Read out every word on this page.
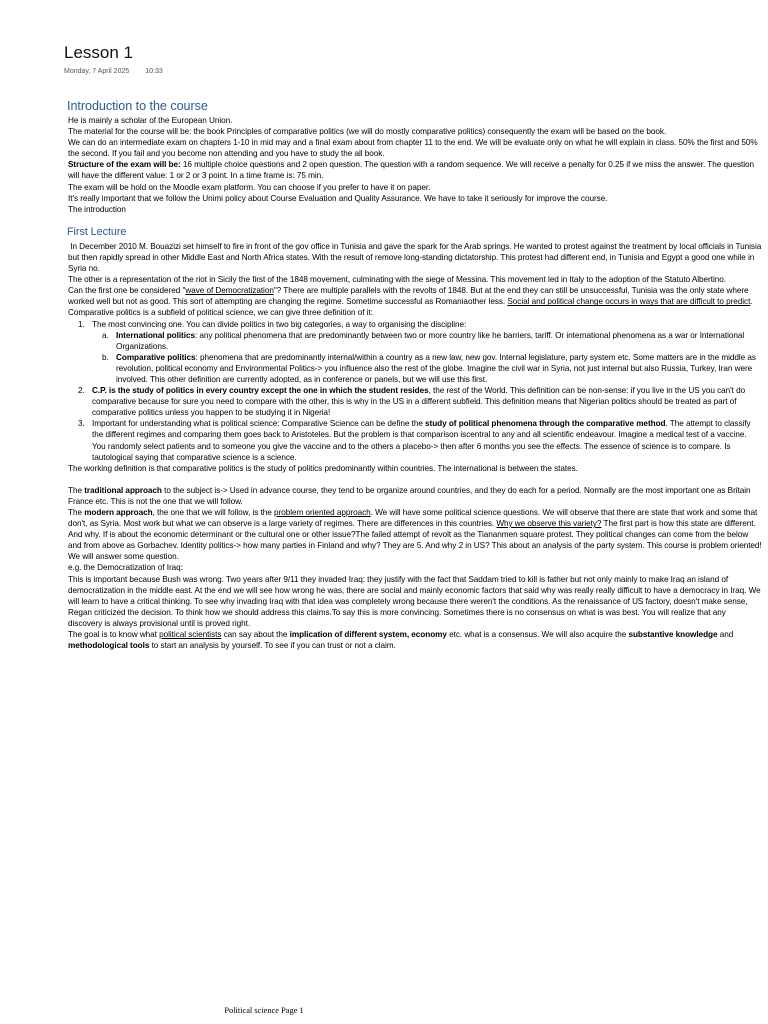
Lesson 1
Monday, 7 April 2025 10:33
Introduction to the course

He is mainly a scholar of the European Union.

The material for the course will be: the book Principles of comparative politics (we will do mostly comparative politics) consequently the exam will be based on the book.

We can do an intermediate exam on chapters 1-10 in mid may and a final exam about from chapter 11 to the end. We will be evaluate only on what he will explain in class. 50% the first and 50% the second. If you fail and you become non attending and you have to study the all book.

Structure of the exam will be: 16 multiple choice questions and 2 open question. The question with a random sequence. We will receive a penalty for 0.25 if we miss the answer. The question will have the different value: 1 or 2 or 3 point. In a time frame is: 75 min.

The exam will be hold on the Moodle exam platform. You can choose if you prefer to have it on paper.

It's really important that we follow the Unimi policy about Course Evaluation and Quality Assurance. We have to take it seriously for improve the course.

The introduction

First Lecture

In December 2010 M. Bouazizi set himself to fire in front of the gov office in Tunisia and gave the spark for the Arab springs. He wanted to protest against the treatment by local officials in Tunisia but then rapidly spread in other Middle East and North Africa states. With the result of remove long-standing dictatorship. This protest had different end, in Tunisia and Egypt a good one while in  Syria no.

The other is a representation of the riot in Sicily the first of the 1848 movement, culminating with the siege of Messina. This movement led in Italy to the adoption of the Statuto Albertino.

Can the first one be considered "wave of Democratization"? There are multiple parallels with the revolts of 1848. But at the end they can still be unsuccessful, Tunisia was the only state where worked well but not as good. This sort of attempting are changing the regime. Sometime successful as Romaniaother less. Social and political change occurs in ways that are difficult to predict.

Comparative politics is a subfield of political science, we can give three definition of it:

The most convincing one. You can divide politics in two big categories, a way to organising the discipline:
International politics: any political phenomena that are predominantly between two or more country like he barriers, tariff. Or international phenomena as a war or International Organizations.
Comparative politics: phenomena that are predominantly internal/within a country as a new law, new gov. Internal legislature, party system etc. Some matters are in the middle as revolution, political economy and Environmental Politics-> you influence also the rest of the globe. Imagine the civil war in Syria, not just internal but also Russia, Turkey, Iran were involved. This other definition are currently adopted, as in conference or panels, but we will use this first.
C.P. is the study of politics in every country except the one in which the student resides, the rest of the World. This definition can be non-sense: if you live in the US you can't do comparative because for sure you need to compare with the other, this is why in the US in a different subfield. This definition means that Nigerian politics should be treated as part of comparative politics unless you happen to be studying it in Nigeria!
Important for understanding what is political science: Comparative Science can be define the study of political phenomena through the comparative method. The attempt to classify the different regimes and comparing them goes back to Aristoteles. But the problem is that comparison iscentral to any and all scientific endeavour. Imagine a medical test of a vaccine. You randomly select patients and to someone you give the vaccine and to the others a placebo-> then after 6 months you see the effects. The essence of science is to compare. Is tautological saying that comparative science is a science.

The working definition is that comparative politics is the study of politics predominantly within countries. The international is between the states.

The traditional approach to the subject is-> Used in advance course, they tend to be organize around countries, and they do each for a period. Normally are the most important one as Britain France etc. This is not the one that we will follow.

The modern approach, the one that we will follow, is the problem oriented approach. We will have some political science questions. We will observe that there are state that work and some that don't, as Syria. Most work but what we can observe is a large variety of regimes. There are differences in this countries. Why we observe this variety? The first part is how this state are different. And why. If is about the economic determinant or the cultural one or other issue?The failed attempt of revolt as the Tiananmen square protest. They political changes can come from the below and from above as Gorbachev. Identity politics-> how many parties in Finland and why? They are 5. And why 2 in US? This about an analysis of the party system. This course is problem oriented! We will answer some question.

e.g. the Democratization of Iraq:

This is important because Bush was wrong. Two years after 9/11 they invaded Iraq: they justify with the fact that Saddam tried to kill is father but not only mainly to make Iraq an island of democratization in the middle east. At the end we will see how wrong he was, there are social and mainly economic factors that said why was really really difficult to have a democracy in Iraq. We will learn to have a critical thinking. To see why invading Iraq with that idea was completely wrong because there weren't the conditions. As the renaissance of US factory, doesn't make sense, Regan criticized the decision. To think how we should address this claims.To say this is more convincing. Sometimes there is no consensus on what is was best. You will realize that any discovery is always provisional until is proved right.

The goal is to know what political scientists can say about the implication of different system, economy etc. what is a consensus. We will also acquire the substantive knowledge and methodological tools to start an analysis by yourself. To see if you can trust or not a claim.

Political science Page 1
